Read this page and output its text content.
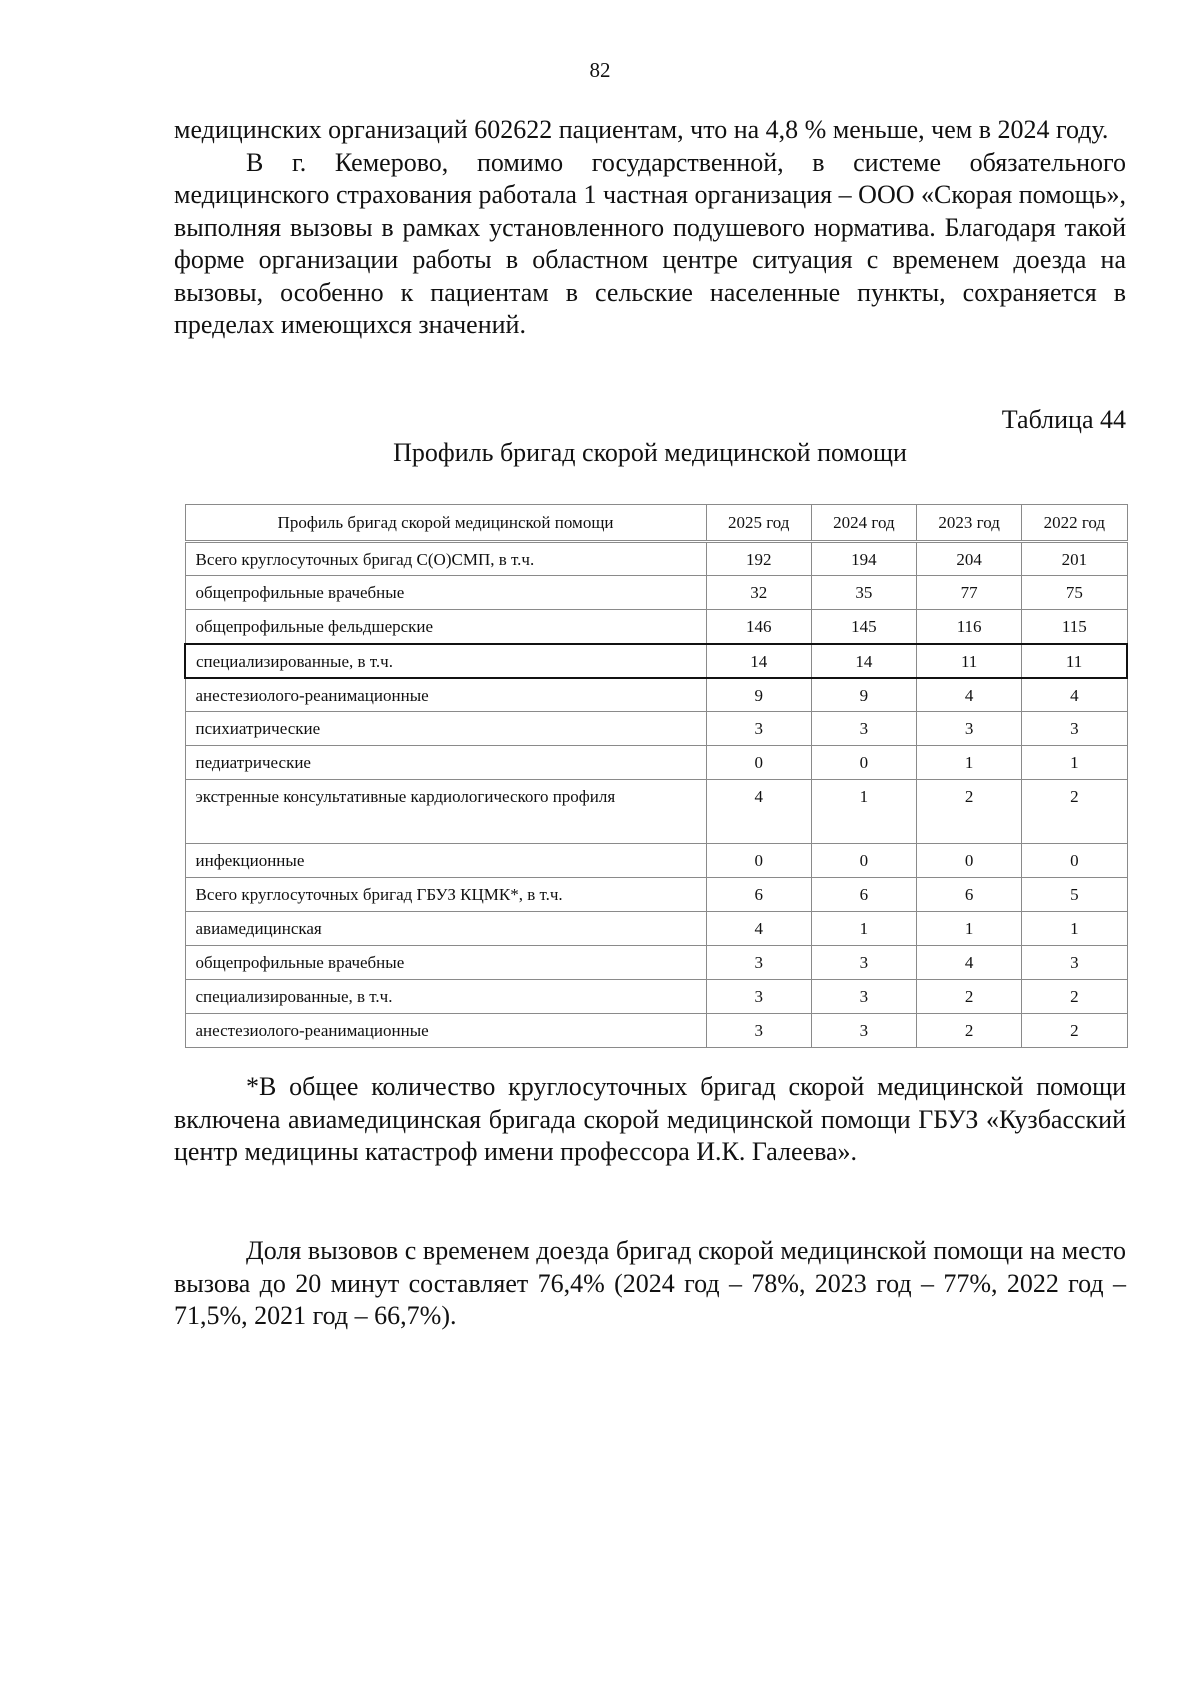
82

медицинских организаций 602622 пациентам, что на 4,8 % меньше, чем в 2024 году.

В г. Кемерово, помимо государственной, в системе обязательного медицинского страхования работала 1 частная организация – ООО «Скорая помощь», выполняя вызовы в рамках установленного подушевого норматива. Благодаря такой форме организации работы в областном центре ситуация с временем доезда на вызовы, особенно к пациентам в сельские населенные пункты, сохраняется в пределах имеющихся значений.

Таблица 44
Профиль бригад скорой медицинской помощи
Профиль бригад скорой медицинской помощи	2025 год	2024 год	2023 год	2022 год
Всего круглосуточных бригад С(О)СМП, в т.ч.	192	194	204	201
общепрофильные врачебные	32	35	77	75
общепрофильные фельдшерские	146	145	116	115
специализированные, в т.ч.	14	14	11	11
анестезиолого-реанимационные	9	9	4	4
психиатрические	3	3	3	3
педиатрические	0	0	1	1
экстренные консультативные кардиологического профиля	4	1	2	2
инфекционные	0	0	0	0
Всего круглосуточных бригад ГБУЗ КЦМК*, в т.ч.	6	6	6	5
авиамедицинская	4	1	1	1
общепрофильные врачебные	3	3	4	3
специализированные, в т.ч.	3	3	2	2
анестезиолого-реанимационные	3	3	2	2

*В общее количество круглосуточных бригад скорой медицинской помощи включена авиамедицинская бригада скорой медицинской помощи ГБУЗ «Кузбасский центр медицины катастроф имени профессора И.К. Галеева».

Доля вызовов с временем доезда бригад скорой медицинской помощи на место вызова до 20 минут составляет 76,4% (2024 год – 78%, 2023 год – 77%, 2022 год – 71,5%, 2021 год – 66,7%).
